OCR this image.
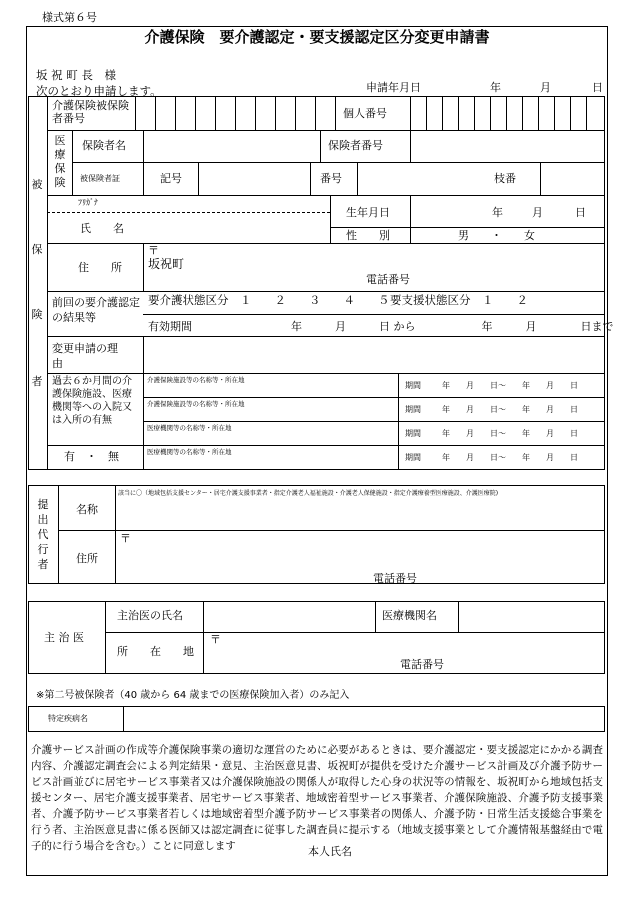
様式第６号
介護保険　要介護認定・要支援認定区分変更申請書
坂 祝 町 長　様
次のとおり申請します。	申請年月日	年	月	日
被
保
険
者
介護保険被保険者番号	個人番号
医療保険
保険者名	保険者番号
被保険者証	記号	番号	枝番
ﾌﾘｶﾞﾅ
氏　　名
生年月日	年	月	日
性　　別	男　　・　　女
住　　所
〒
坂祝町
電話番号
前回の要介護認定の結果等
要介護状態区分　１　　２　　３　　４　　５ 要支援状態区分　１　　２
有効期間	年　　　月　　　日 から　　　　　　年　　　月　　　　日まで
変更申請の理由
過去６か月間の介護保険施設、医療機関等への入院又は入所の有無
有　・　無
介護保険施設等の名称等・所在地
期間	年　　月　　日～　　年　　月　　日
介護保険施設等の名称等・所在地
期間	年　　月　　日～　　年　　月　　日
医療機関等の名称等・所在地
期間	年　　月　　日～　　年　　月　　日
医療機関等の名称等・所在地
期間	年　　月　　日～　　年　　月　　日
提出代行者
名称
該当に〇（地域包括支援センター・居宅介護支援事業者・指定介護老人福祉施設・介護老人保健施設・指定介護療養型医療施設、介護医療院)
住所
〒
電話番号
主 治 医
主治医の氏名	医療機関名
所　　在　　地
〒
電話番号
※第二号被保険者（40 歳から 64 歳までの医療保険加入者）のみ記入
特定疾病名
介護サービス計画の作成等介護保険事業の適切な運営のために必要があるときは、要介護認定・要支援認定にかかる調査内容、介護認定調査会による判定結果・意見、主治医意見書、坂祝町が提供を受けた介護サービス計画及び介護予防サービス計画並びに居宅サービス事業者又は介護保険施設の関係人が取得した心身の状況等の情報を、坂祝町から地域包括支援センター、居宅介護支援事業者、居宅サービス事業者、地域密着型サービス事業者、介護保険施設、介護予防支援事業者、介護予防サービス事業者若しくは地域密着型介護予防サービス事業者の関係人、介護予防・日常生活支援総合事業を行う者、主治医意見書に係る医師又は認定調査に従事した調査員に提示する（地域支援事業として介護情報基盤経由で電子的に行う場合を含む。）ことに同意します	本人氏名
